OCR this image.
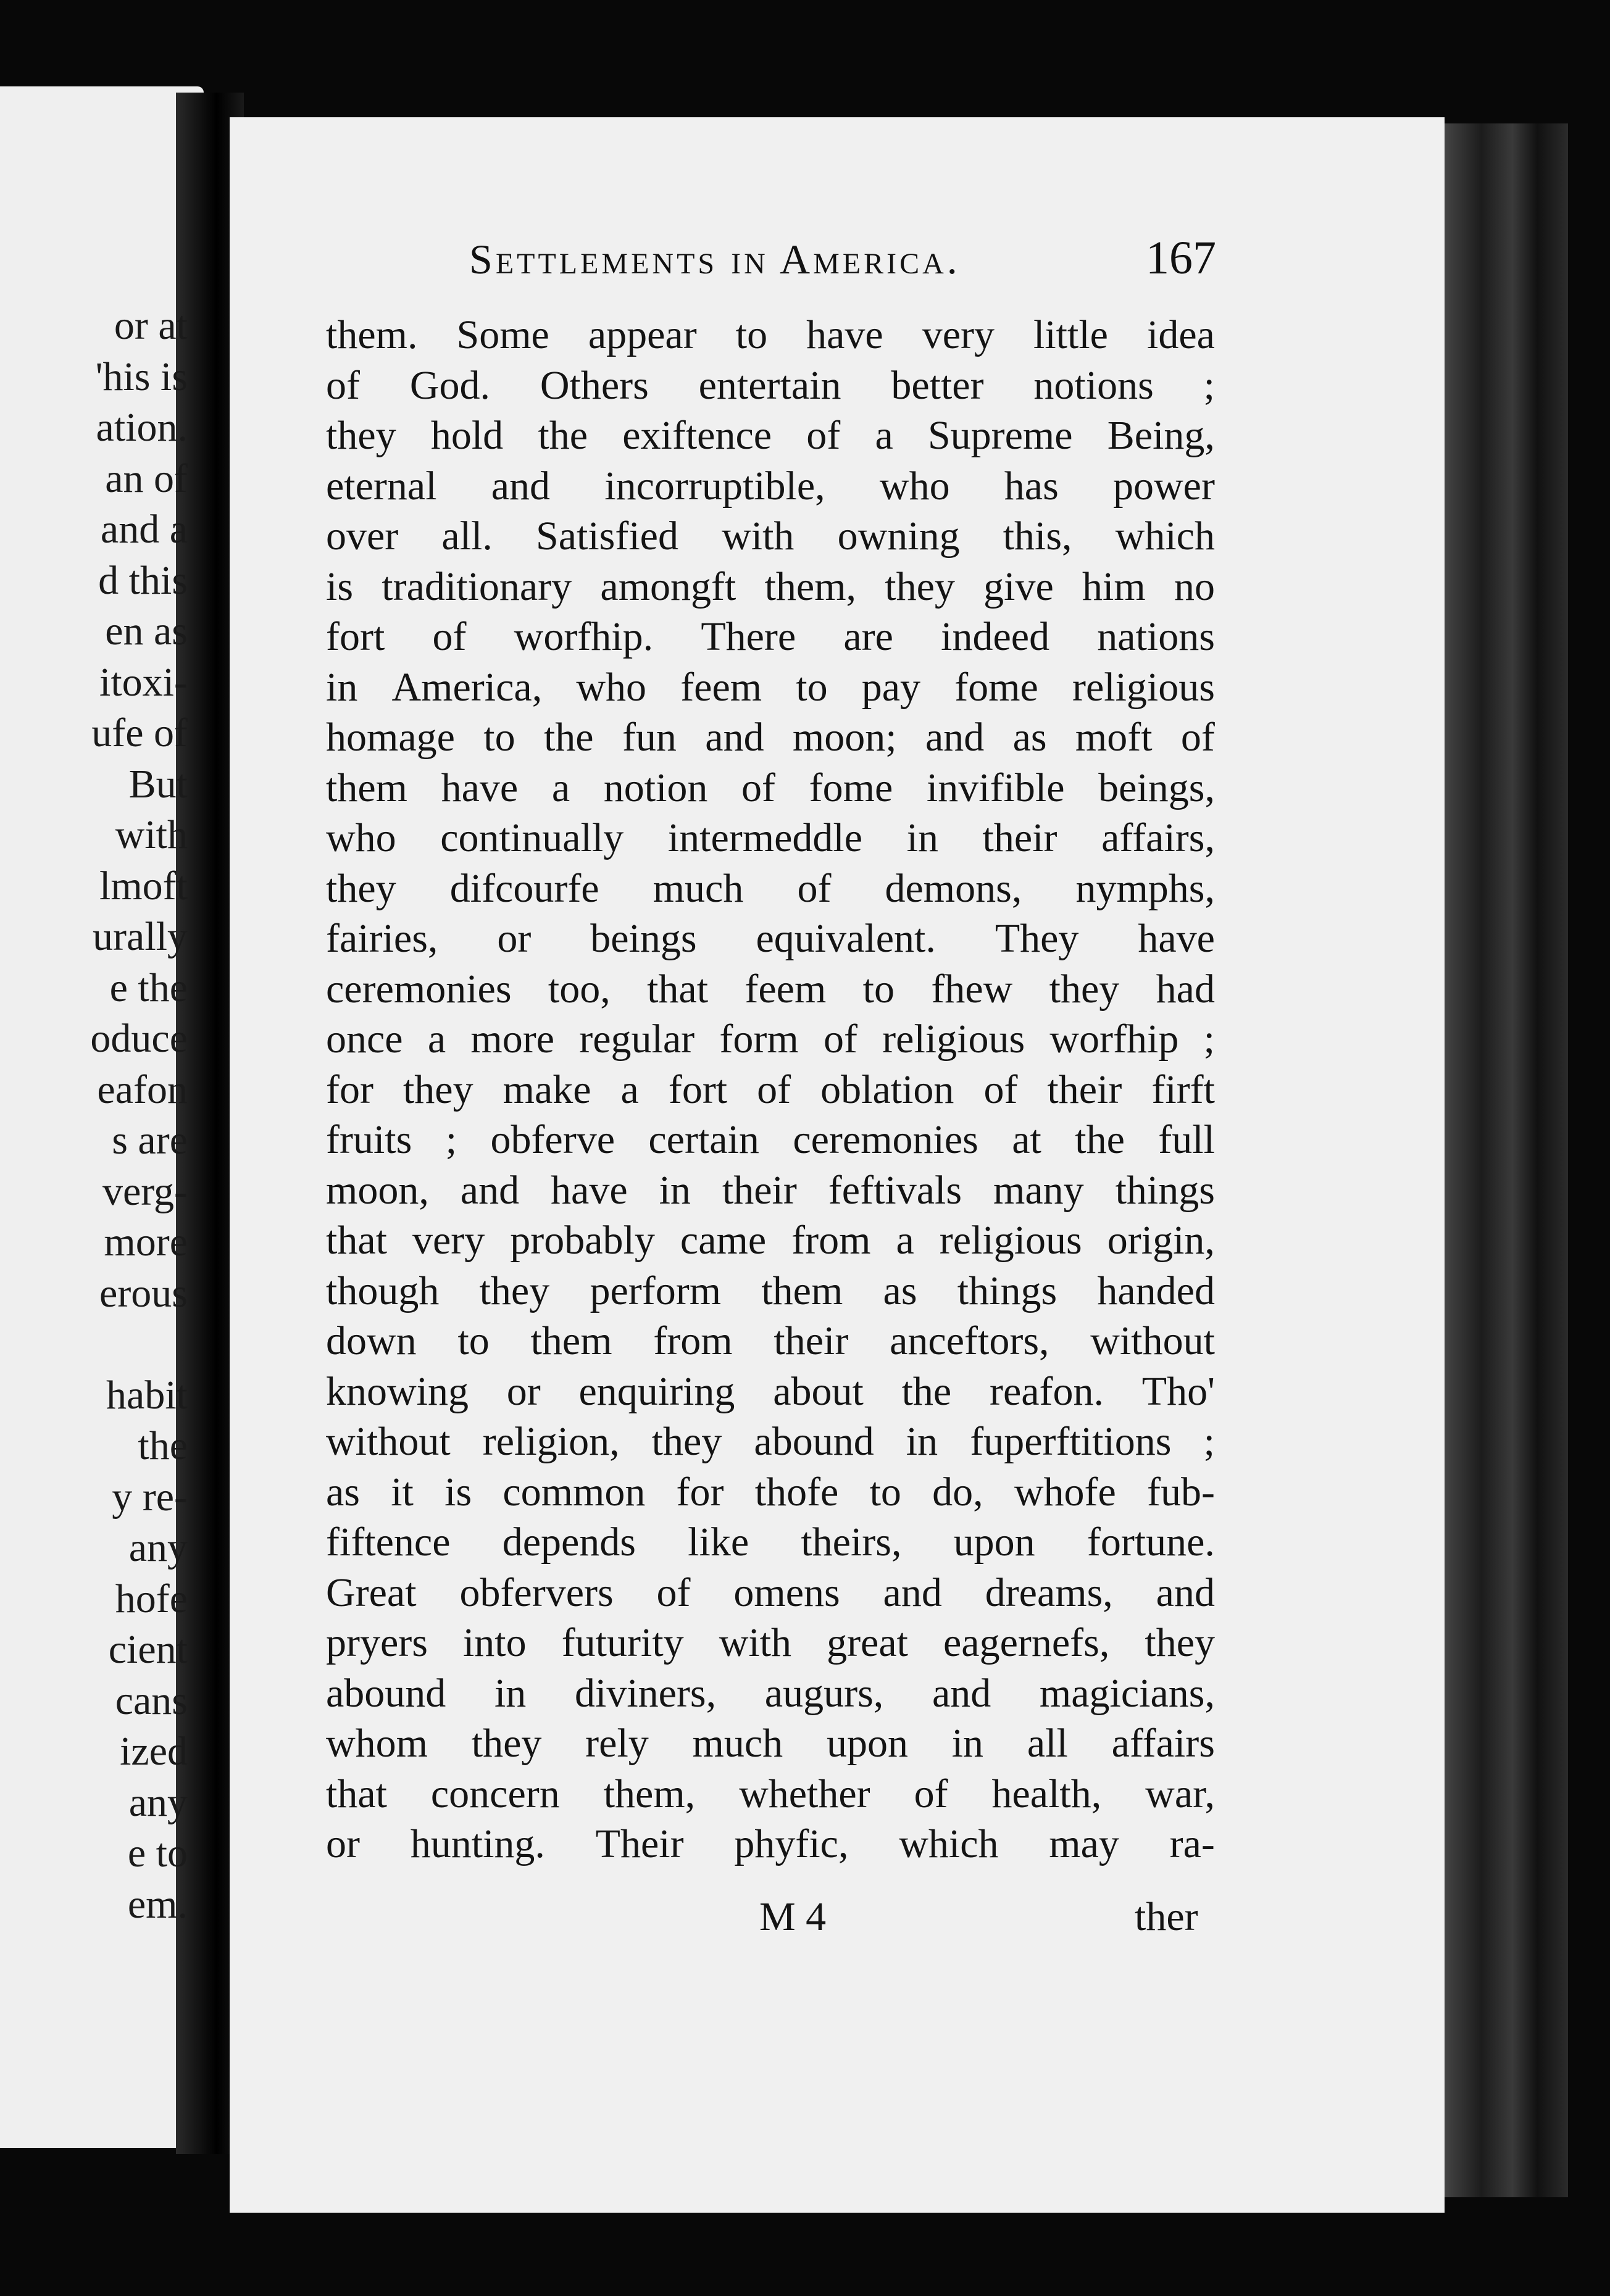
Settlements in America.	167
them. Some appear to have very little idea
of God. Others entertain better notions ;
they hold the exiftence of a Supreme Being,
eternal and incorruptible, who has power
over all. Satisfied with owning this, which
is traditionary amongft them, they give him no
fort of worfhip. There are indeed nations
in America, who feem to pay fome religious
homage to the fun and moon; and as moft of
them have a notion of fome invifible beings,
who continually intermeddle in their affairs,
they difcourfe much of demons, nymphs,
fairies, or beings equivalent. They have
ceremonies too, that feem to fhew they had
once a more regular form of religious worfhip ;
for they make a fort of oblation of their firft
fruits ; obferve certain ceremonies at the full
moon, and have in their feftivals many things
that very probably came from a religious origin,
though they perform them as things handed
down to them from their anceftors, without
knowing or enquiring about the reafon. Tho'
without religion, they abound in fuperftitions ;
as it is common for thofe to do, whofe fub-
fiftence depends like theirs, upon fortune.
Great obfervers of omens and dreams, and
pryers into futurity with great eagernefs, they
abound in diviners, augurs, and magicians,
whom they rely much upon in all affairs
that concern them, whether of health, war,
or hunting. Their phyfic, which may ra-
M 4	ther
or at
'his is
ation.
an of
and a
d this
en as
itoxi-
ufe of
But
with
lmoft
urally
e the
oduce
eafon
s are
verg-
more
erous
habit
the
y re-
any
hofe
cient
cans
ized
any
e to
em.
